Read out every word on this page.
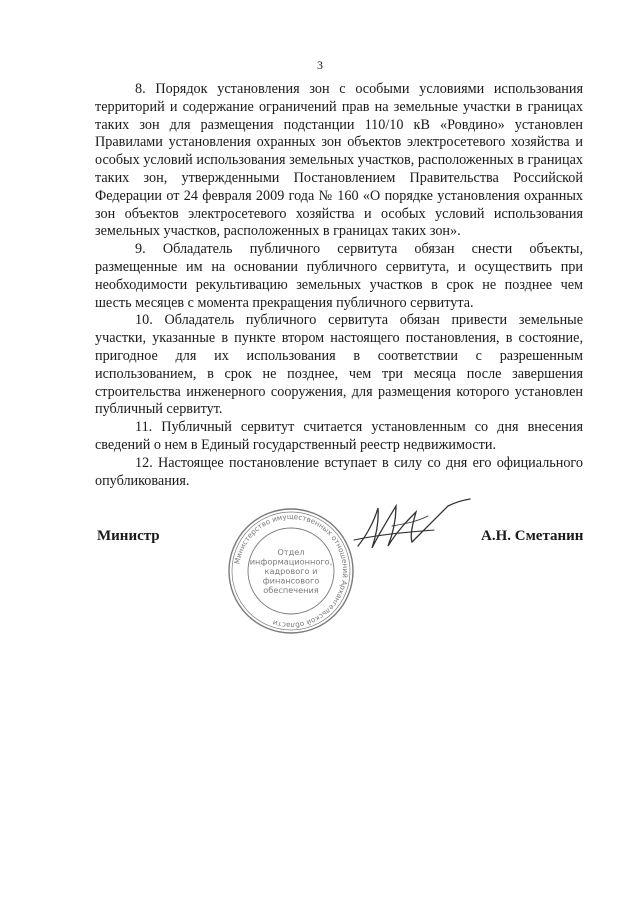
3

8. Порядок установления зон с особыми условиями использования территорий и содержание ограничений прав на земельные участки в границах таких зон для размещения подстанции 110/10 кВ «Ровдино» установлен Правилами установления охранных зон объектов электросетевого хозяйства и особых условий использования земельных участков, расположенных в границах таких зон, утвержденными Постановлением Правительства Российской Федерации от 24 февраля 2009 года № 160 «О порядке установления охранных зон объектов электросетевого хозяйства и особых условий использования земельных участков, расположенных в границах таких зон».

9. Обладатель публичного сервитута обязан снести объекты, размещенные им на основании публичного сервитута, и осуществить при необходимости рекультивацию земельных участков в срок не позднее чем шесть месяцев с момента прекращения публичного сервитута.

10. Обладатель публичного сервитута обязан привести земельные участки, указанные в пункте втором настоящего постановления, в состояние, пригодное для их использования в соответствии с разрешенным использованием, в срок не позднее, чем три месяца после завершения строительства инженерного сооружения, для размещения которого установлен публичный сервитут.

11. Публичный сервитут считается установленным со дня внесения сведений о нем в Единый государственный реестр недвижимости.

12. Настоящее постановление вступает в силу со дня его официального опубликования.

Министр
Министерство имущественных отношений Архангельской области
Отдел
информационного,
кадрового и
финансового
обеспечения
А.Н. Сметанин
